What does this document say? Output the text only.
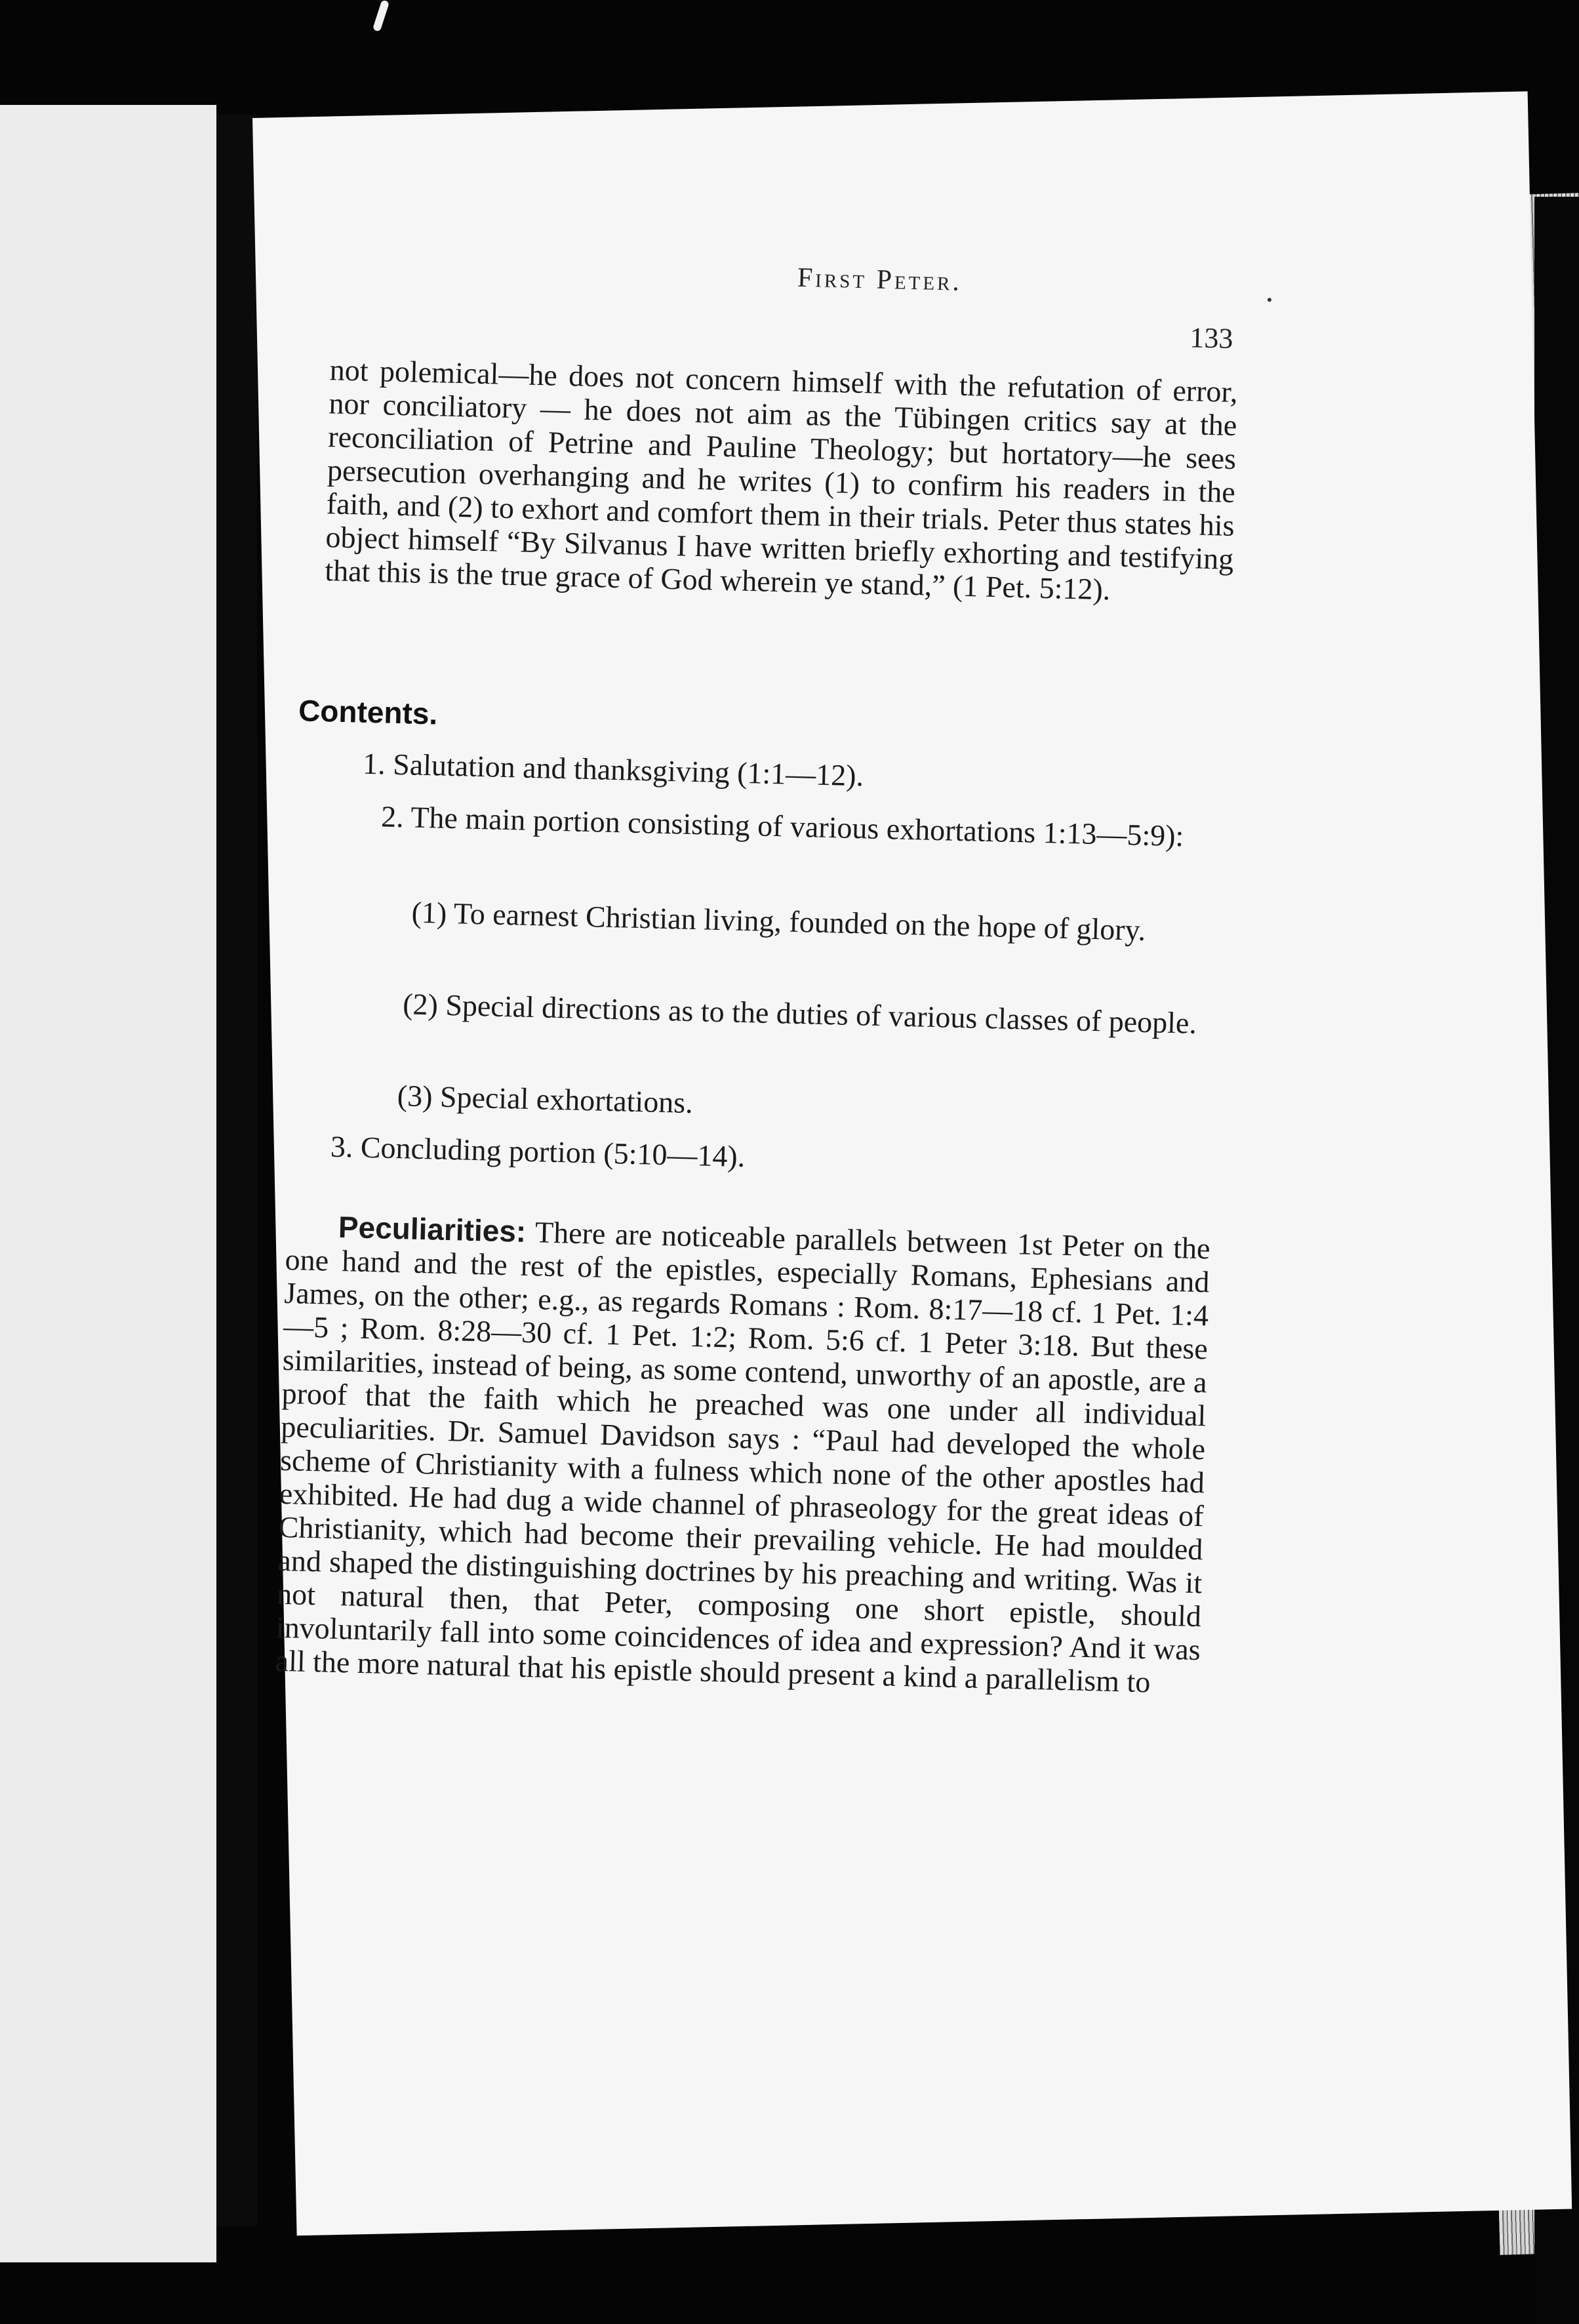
First Peter.
133

not polemical—he does not concern himself with the refutation of error, nor conciliatory — he does not aim as the Tübingen critics say at the reconciliation of Petrine and Pauline Theology; but hortatory—he sees persecution overhanging and he writes (1) to confirm his readers in the faith, and (2) to exhort and comfort them in their trials. Peter thus states his object himself “By Silvanus I have written briefly exhorting and testifying that this is the true grace of God wherein ye stand,” (1 Pet. 5:12).

Contents.
1. Salutation and thanksgiving (1:1—12).
2. The main portion consisting of various exhortations 1:13—5:9):
(1) To earnest Christian living, founded on the hope of glory.
(2) Special directions as to the duties of various classes of people.
(3) Special exhortations.
3. Concluding portion (5:10—14).

Peculiarities: There are noticeable parallels between 1st Peter on the one hand and the rest of the epistles, especially Romans, Ephesians and James, on the other; e.g., as regards Romans : Rom. 8:17—18 cf. 1 Pet. 1:4—5 ; Rom. 8:28—30 cf. 1 Pet. 1:2; Rom. 5:6 cf. 1 Peter 3:18. But these similarities, instead of being, as some contend, unworthy of an apostle, are a proof that the faith which he preached was one under all individual peculiarities. Dr. Samuel Davidson says : “Paul had developed the whole scheme of Christianity with a fulness which none of the other apostles had exhibited. He had dug a wide channel of phraseology for the great ideas of Christianity, which had become their prevailing vehicle. He had moulded and shaped the distinguishing doctrines by his preaching and writing. Was it not natural then, that Peter, composing one short epistle, should involuntarily fall into some coincidences of idea and expression? And it was all the more natural that his epistle should present a kind a parallelism to
